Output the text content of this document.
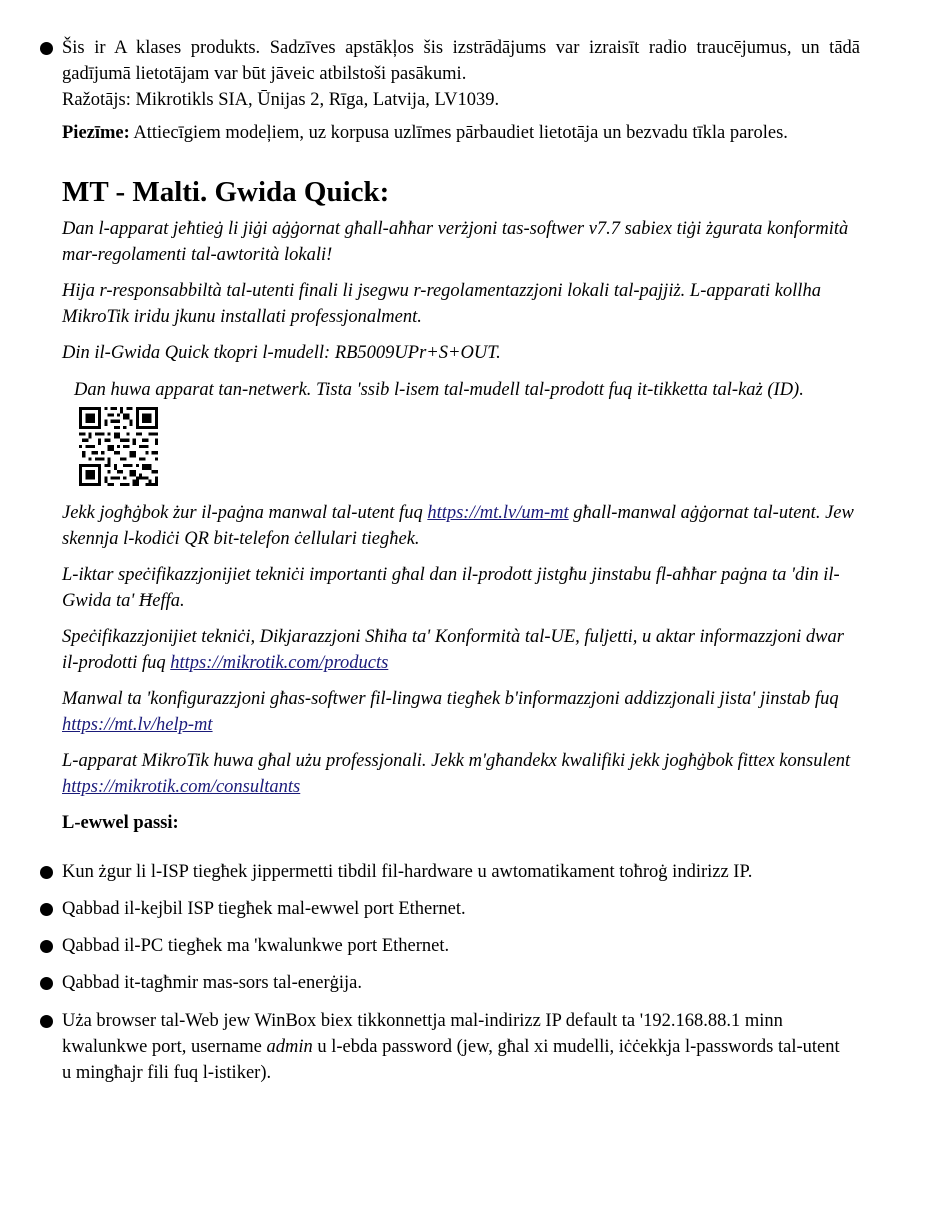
Šis ir A klases produkts. Sadzīves apstākļos šis izstrādājums var izraisīt radio traucējumus, un tādā gadījumā lietotājam var būt jāveic atbilstoši pasākumi.
Ražotājs: Mikrotikls SIA, Ūnijas 2, Rīga, Latvija, LV1039.
Piezīme: Attiecīgiem modeļiem, uz korpusa uzlīmes pārbaudiet lietotāja un bezvadu tīkla paroles.
MT - Malti. Gwida Quick:
Dan l-apparat jeħtieġ li jiġi aġġornat għall-aħħar verżjoni tas-softwer v7.7 sabiex tiġi żgurata konformità mar-regolamenti tal-awtorità lokali!
Hija r-responsabbiltà tal-utenti finali li jsegwu r-regolamentazzjoni lokali tal-pajjiż. L-apparati kollha MikroTik iridu jkunu installati professjonalment.
Din il-Gwida Quick tkopri l-mudell: RB5009UPr+S+OUT.
Dan huwa apparat tan-netwerk. Tista 'ssib l-isem tal-mudell tal-prodott fuq it-tikketta tal-każ (ID).
Jekk jogħġbok żur il-paġna manwal tal-utent fuq https://mt.lv/um-mt għall-manwal aġġornat tal-utent. Jew skennja l-kodiċi QR bit-telefon ċellulari tiegħek.
L-iktar speċifikazzjonijiet tekniċi importanti għal dan il-prodott jistgħu jinstabu fl-aħħar paġna ta 'din il-Gwida ta' Ħeffa.
Speċifikazzjonijiet tekniċi, Dikjarazzjoni Sħiħa ta' Konformità tal-UE, fuljetti, u aktar informazzjoni dwar il-prodotti fuq https://mikrotik.com/products
Manwal ta 'konfigurazzjoni għas-softwer fil-lingwa tiegħek b'informazzjoni addizzjonali jista' jinstab fuq https://mt.lv/help-mt
L-apparat MikroTik huwa għal użu professjonali. Jekk m'għandekx kwalifiki jekk jogħġbok fittex konsulent https://mikrotik.com/consultants
L-ewwel passi:
Kun żgur li l-ISP tiegħek jippermetti tibdil fil-hardware u awtomatikament toħroġ indirizz IP.
Qabbad il-kejbil ISP tiegħek mal-ewwel port Ethernet.
Qabbad il-PC tiegħek ma 'kwalunkwe port Ethernet.
Qabbad it-tagħmir mas-sors tal-enerġija.
Uża browser tal-Web jew WinBox biex tikkonnettja mal-indirizz IP default ta '192.168.88.1 minn kwalunkwe port, username admin u l-ebda password (jew, għal xi mudelli, iċċekkja l-passwords tal-utent u mingħajr fili fuq l-istiker).
